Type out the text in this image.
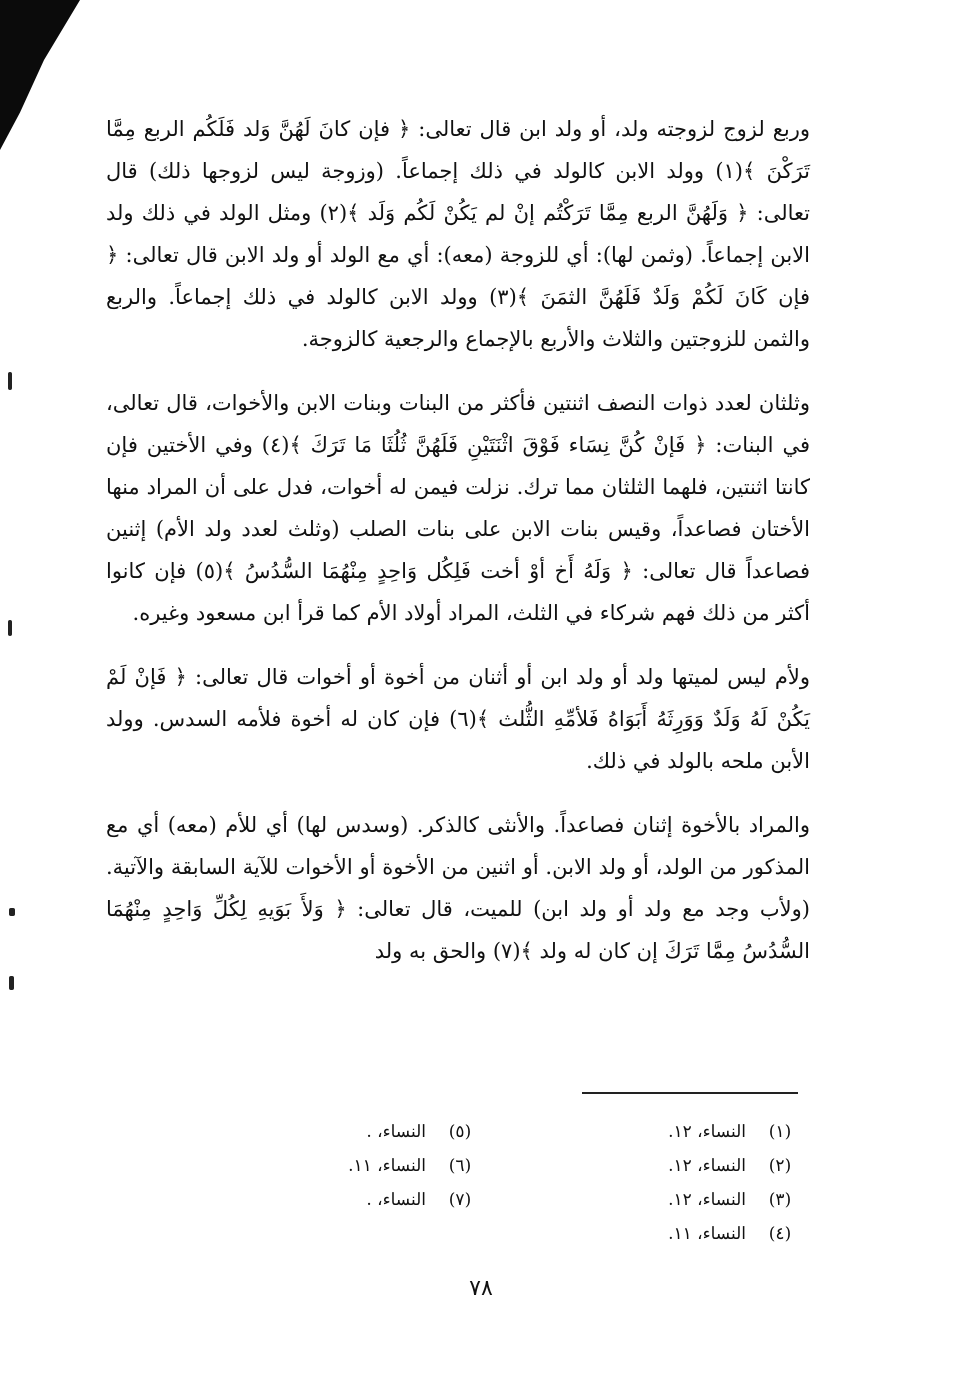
وربع لزوج لزوجته ولد، أو ولد ابن قال تعالى: ﴿ فإن كانَ لَهُنَّ وَلد فَلَكُم الربع مِمَّا تَرَكْنَ ﴾(١) وولد الابن كالولد في ذلك إجماعاً. (وزوجة ليس لزوجها ذلك) قال تعالى: ﴿ وَلَهُنَّ الربع مِمَّا تَرَكْتُم إنْ لم يَكُنْ لَكُم وَلَد ﴾(٢) ومثل الولد في ذلك ولد الابن إجماعاً. (وثمن لها): أي للزوجة (معه): أي مع الولد أو ولد الابن قال تعالى: ﴿ فإن كَانَ لَكُمْ وَلَدٌ فَلَهُنَّ الثمَنَ ﴾(٣) وولد الابن كالولد في ذلك إجماعاً. والربع والثمن للزوجتين والثلاث والأربع بالإجماع والرجعية كالزوجة.

وثلثان لعدد ذوات النصف اثنتين فأكثر من البنات وبنات الابن والأخوات، قال تعالى، في البنات: ﴿ فَإنْ كُنَّ نِسَاء فَوْقَ اثْنَتَيْنِ فَلَهُنَّ ثُلُثَا مَا تَرَكَ ﴾(٤) وفي الأختين فإن كانتا اثنتين، فلهما الثلثان مما ترك. نزلت فيمن له أخوات، فدل على أن المراد منها الأختان فصاعداً، وقيس بنات الابن على بنات الصلب (وثلث لعدد ولد الأم) إثنين فصاعداً قال تعالى: ﴿ وَلَهُ أَخ أوْ أخت فَلِكُل وَاحِدٍ مِنْهُمَا السُّدُسُ ﴾(٥) فإن كانوا أكثر من ذلك فهم شركاء في الثلث، المراد أولاد الأم كما قرأ ابن مسعود وغيره.

ولأم ليس لميتها ولد أو ولد ابن أو أثنان من أخوة أو أخوات قال تعالى: ﴿ فَإنْ لَمْ يَكُنْ لَهُ وَلَدٌ وَوَرِثَهُ أَبَوَاهُ فَلأمِّهِ الثُّلث ﴾(٦) فإن كان له أخوة فلأمه السدس. وولد الأبن ملحه بالولد في ذلك.

والمراد بالأخوة إثنان فصاعداً. والأنثى كالذكر. (وسدس لها) أي للأم (معه) أي مع المذكور من الولد، أو ولد الابن. أو اثنين من الأخوة أو الأخوات للآية السابقة والآتية. (ولأب وجد مع ولد أو ولد ابن) للميت، قال تعالى: ﴿ وَلأَ بَوَيهِ لِكُلِّ وَاحِدٍ مِنْهُمَا السُّدُسُ مِمَّا تَرَكَ إن كان له ولد ﴾(٧) والحق به ولد

(١)
النساء، ١٢.
(٢)
النساء، ١٢.
(٣)
النساء، ١٢.
(٤)
النساء، ١١.
(٥)
النساء، .
(٦)
النساء، ١١.
(٧)
النساء، .
٧٨
